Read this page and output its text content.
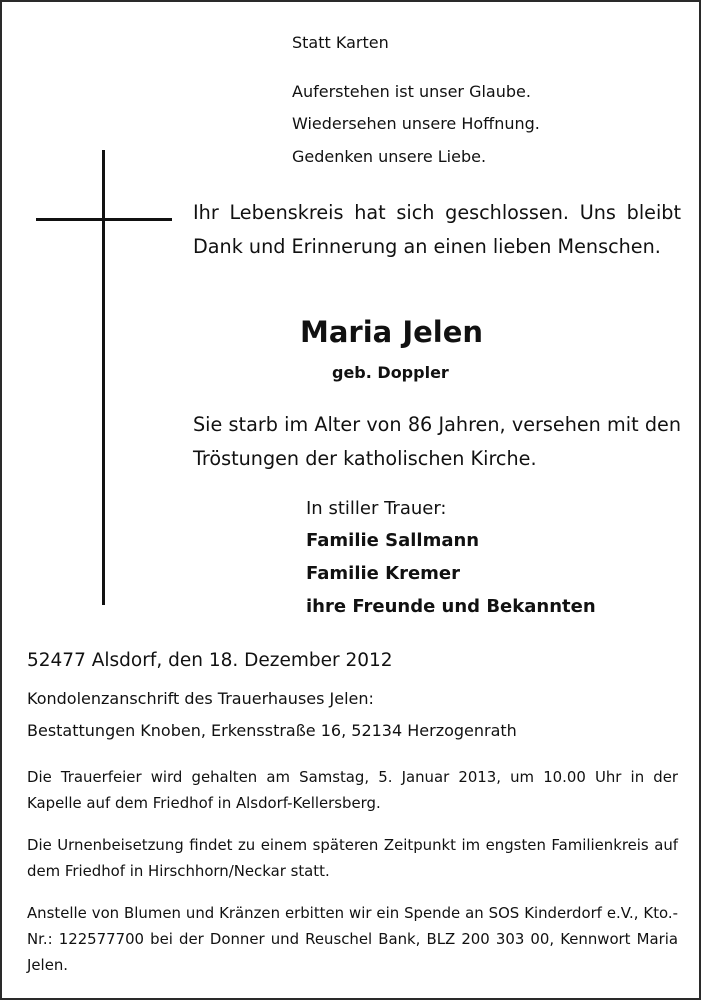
Statt Karten

Auferstehen ist unser Glaube.

Wiedersehen unsere Hoffnung.

Gedenken unsere Liebe.

Ihr Lebenskreis hat sich geschlossen. Uns bleibt Dank und Erinnerung an einen lieben Menschen.

Maria Jelen

geb. Doppler

Sie starb im Alter von 86 Jahren, versehen mit den Tröstungen der katholischen Kirche.

In stiller Trauer:

Familie Sallmann

Familie Kremer

ihre Freunde und Bekannten

52477 Alsdorf, den 18. Dezember 2012

Kondolenzanschrift des Trauerhauses Jelen:

Bestattungen Knoben, Erkensstraße 16, 52134 Herzogenrath

Die Trauerfeier wird gehalten am Samstag, 5. Januar 2013, um 10.00 Uhr in der Kapelle auf dem Friedhof in Alsdorf-Kellersberg.

Die Urnenbeisetzung findet zu einem späteren Zeitpunkt im engsten Familienkreis auf dem Friedhof in Hirschhorn/Neckar statt.

Anstelle von Blumen und Kränzen erbitten wir ein Spende an SOS Kinderdorf e.V., Kto.-Nr.: 122577700 bei der Donner und Reuschel Bank, BLZ 200 303 00, Kennwort Maria Jelen.
